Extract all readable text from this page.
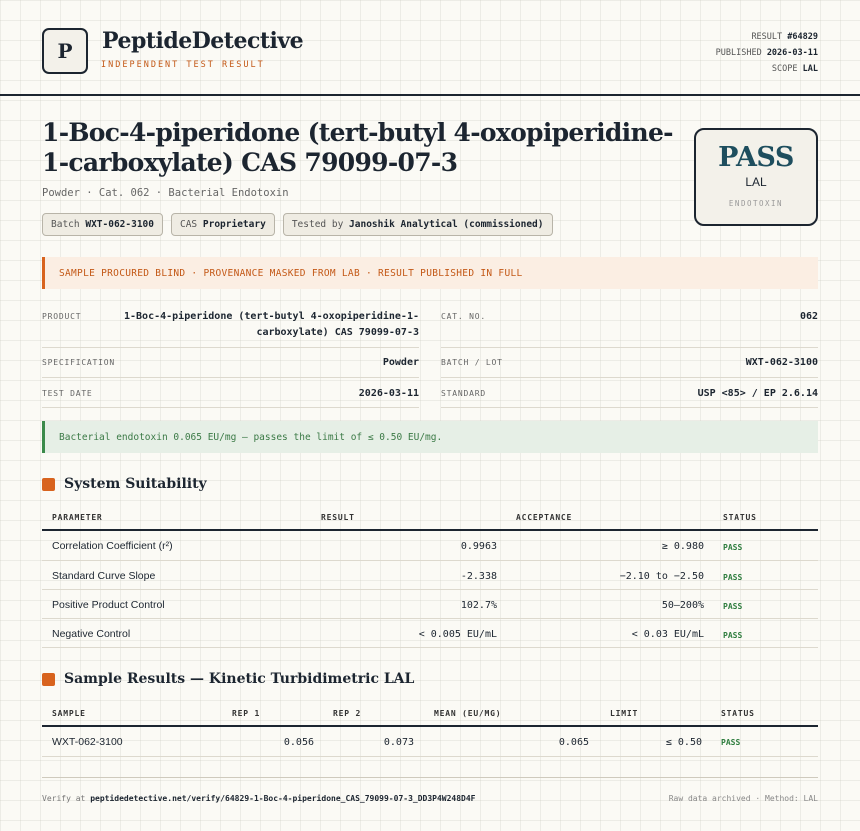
P	PeptideDetective
INDEPENDENT TEST RESULT
RESULT #64829
PUBLISHED 2026-03-11
SCOPE LAL
1-Boc-4-piperidone (tert-butyl 4-oxopiperidine-1-carboxylate) CAS 79099-07-3
Powder · Cat. 062 · Bacterial Endotoxin
Batch WXT-062-3100	CAS Proprietary	Tested by Janoshik Analytical (commissioned)
PASS
LAL
ENDOTOXIN
SAMPLE PROCURED BLIND · PROVENANCE MASKED FROM LAB · RESULT PUBLISHED IN FULL
PRODUCT	1-Boc-4-piperidone (tert-butyl 4-oxopiperidine-1-
carboxylate) CAS 79099-07-3
CAT. NO.	062
SPECIFICATION	Powder	BATCH / LOT	WXT-062-3100
TEST DATE	2026-03-11	STANDARD	USP <85> / EP 2.6.14
Bacterial endotoxin 0.065 EU/mg — passes the limit of ≤ 0.50 EU/mg.
System Suitability
PARAMETER	RESULT	ACCEPTANCE	STATUS
Correlation Coefficient (r²)	0.9963	≥ 0.980 PASS
Standard Curve Slope	-2.338	−2.10 to −2.50 PASS
Positive Product Control	102.7%	50–200% PASS
Negative Control	< 0.005 EU/mL	< 0.03 EU/mL PASS
Sample Results — Kinetic Turbidimetric LAL
SAMPLE	REP 1	REP 2	MEAN (EU/MG)	LIMIT	STATUS
WXT-062-3100	0.056	0.073	0.065	≤ 0.50 PASS
Verify at peptidedetective.net/verify/64829-1-Boc-4-piperidone_CAS_79099-07-3_DD3P4W248D4F	Raw data archived · Method: LAL
